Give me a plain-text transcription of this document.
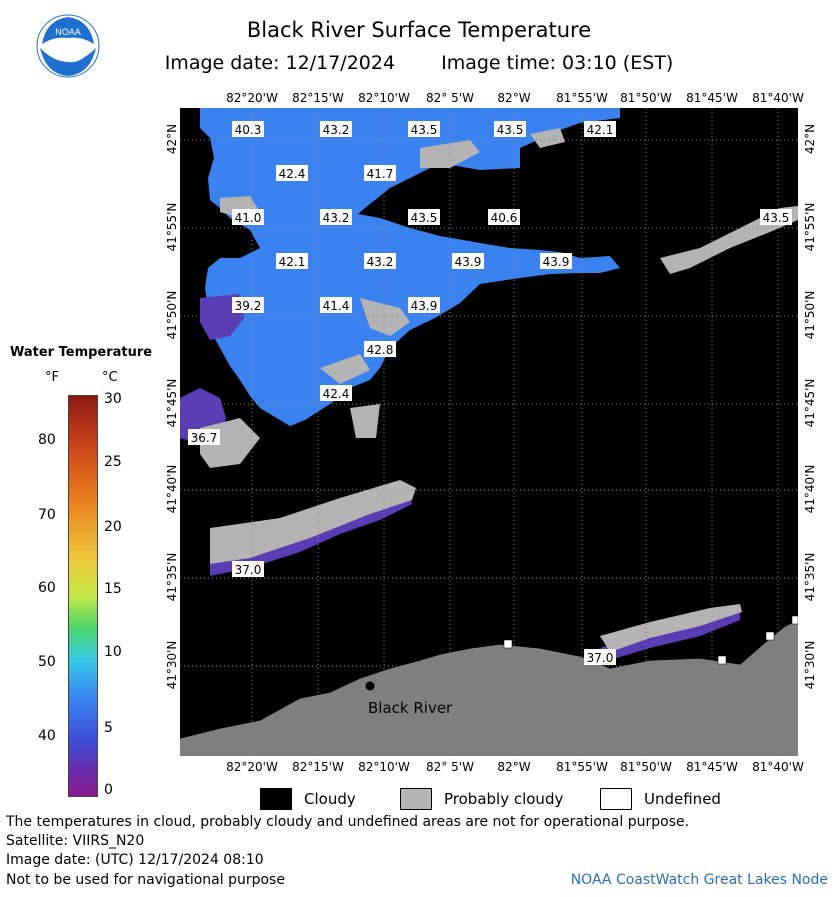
NOAA	Black River Surface Temperature
Image date: 12/17/2024 Image time: 03:10 (EST)
Black River
40.3	43.2	43.5	43.5	42.1
42.4	41.7
41.0	43.2	43.5	40.6	43.5
42.1	43.2	43.9	43.9
39.2	41.4	43.9
42.8
42.4
36.7
37.0
37.0
Water Temperature
°F	°C
Cloudy	Probably cloudy	Undefined
The temperatures in cloud, probably cloudy and undefined areas are not for operational purpose.
Satellite: VIIRS_N20
Image date: (UTC) 12/17/2024 08:10
Not to be used for navigational purpose	NOAA CoastWatch Great Lakes Node
82°20'W
82°20'W
82°15'W
82°15'W
82°10'W
82°10'W
82° 5'W
82° 5'W
82°W
82°W
81°55'W
81°55'W
81°50'W
81°50'W
81°45'W
81°45'W
81°40'W
81°40'W
42°N	42°N
41°55'N	41°55'N
41°50'N	41°50'N
41°45'N	41°45'N
41°40'N	41°40'N
41°35'N	41°35'N
41°30'N	41°30'N
80
70
60
50
40
30
25
20
15
10
5
0
